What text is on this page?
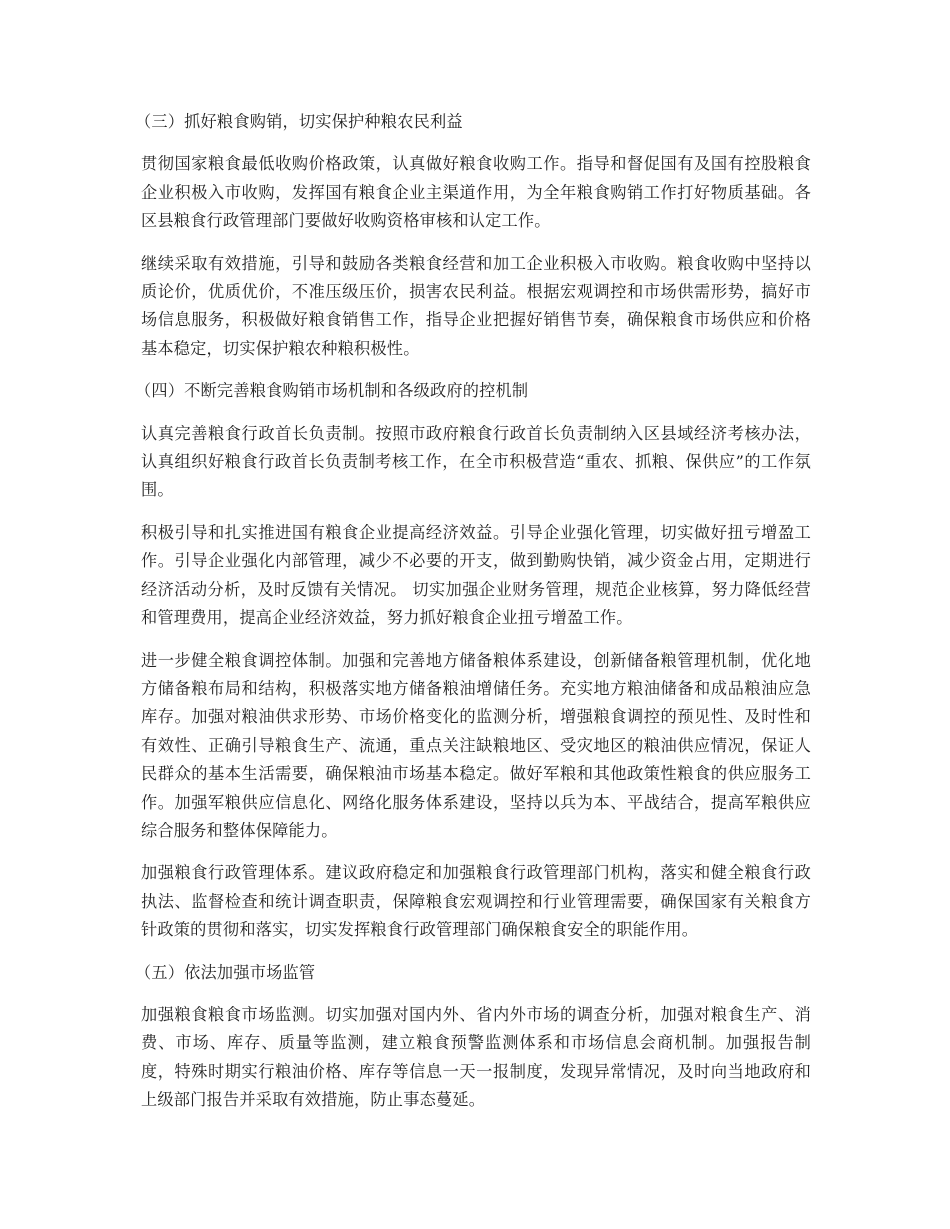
（三）抓好粮食购销，切实保护种粮农民利益

贯彻国家粮食最低收购价格政策，认真做好粮食收购工作。指导和督促国有及国有控股粮食企业积极入市收购，发挥国有粮食企业主渠道作用，为全年粮食购销工作打好物质基础。各区县粮食行政管理部门要做好收购资格审核和认定工作。

继续采取有效措施，引导和鼓励各类粮食经营和加工企业积极入市收购。粮食收购中坚持以质论价，优质优价，不准压级压价，损害农民利益。根据宏观调控和市场供需形势，搞好市场信息服务，积极做好粮食销售工作，指导企业把握好销售节奏，确保粮食市场供应和价格基本稳定，切实保护粮农种粮积极性。

（四）不断完善粮食购销市场机制和各级政府的控机制

认真完善粮食行政首长负责制。按照市政府粮食行政首长负责制纳入区县域经济考核办法，认真组织好粮食行政首长负责制考核工作，在全市积极营造“重农、抓粮、保供应”的工作氛围。

积极引导和扎实推进国有粮食企业提高经济效益。引导企业强化管理，切实做好扭亏增盈工作。引导企业强化内部管理，减少不必要的开支，做到勤购快销，减少资金占用，定期进行经济活动分析，及时反馈有关情况。 切实加强企业财务管理，规范企业核算，努力降低经营和管理费用，提高企业经济效益，努力抓好粮食企业扭亏增盈工作。

进一步健全粮食调控体制。加强和完善地方储备粮体系建设，创新储备粮管理机制，优化地方储备粮布局和结构，积极落实地方储备粮油增储任务。充实地方粮油储备和成品粮油应急库存。加强对粮油供求形势、市场价格变化的监测分析，增强粮食调控的预见性、及时性和有效性、正确引导粮食生产、流通，重点关注缺粮地区、受灾地区的粮油供应情况，保证人民群众的基本生活需要，确保粮油市场基本稳定。做好军粮和其他政策性粮食的供应服务工作。加强军粮供应信息化、网络化服务体系建设，坚持以兵为本、平战结合，提高军粮供应综合服务和整体保障能力。

加强粮食行政管理体系。建议政府稳定和加强粮食行政管理部门机构，落实和健全粮食行政执法、监督检查和统计调查职责，保障粮食宏观调控和行业管理需要，确保国家有关粮食方针政策的贯彻和落实，切实发挥粮食行政管理部门确保粮食安全的职能作用。

（五）依法加强市场监管

加强粮食粮食市场监测。切实加强对国内外、省内外市场的调查分析，加强对粮食生产、消费、市场、库存、质量等监测，建立粮食预警监测体系和市场信息会商机制。加强报告制度，特殊时期实行粮油价格、库存等信息一天一报制度，发现异常情况，及时向当地政府和上级部门报告并采取有效措施，防止事态蔓延。
